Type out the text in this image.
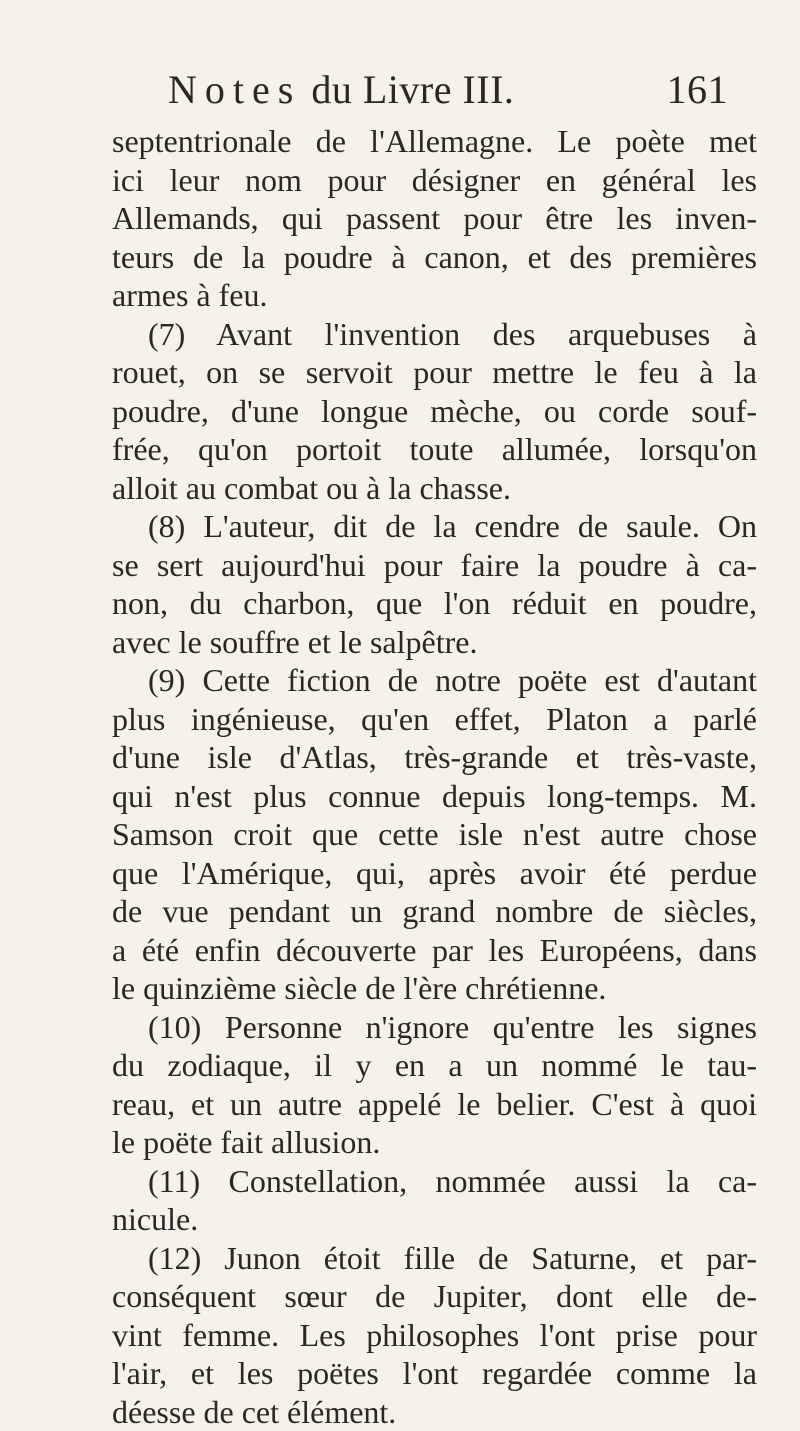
Notes du Livre III.	161
septentrionale de l'Allemagne. Le poète met
ici leur nom pour désigner en général les
Allemands, qui passent pour être les inven-
teurs de la poudre à canon, et des premières
armes à feu.
(7) Avant l'invention des arquebuses à
rouet, on se servoit pour mettre le feu à la
poudre, d'une longue mèche, ou corde souf-
frée, qu'on portoit toute allumée, lorsqu'on
alloit au combat ou à la chasse.
(8) L'auteur, dit de la cendre de saule. On
se sert aujourd'hui pour faire la poudre à ca-
non, du charbon, que l'on réduit en poudre,
avec le souffre et le salpêtre.
(9) Cette fiction de notre poëte est d'autant
plus ingénieuse, qu'en effet, Platon a parlé
d'une isle d'Atlas, très-grande et très-vaste,
qui n'est plus connue depuis long-temps. M.
Samson croit que cette isle n'est autre chose
que l'Amérique, qui, après avoir été perdue
de vue pendant un grand nombre de siècles,
a été enfin découverte par les Européens, dans
le quinzième siècle de l'ère chrétienne.
(10) Personne n'ignore qu'entre les signes
du zodiaque, il y en a un nommé le tau-
reau, et un autre appelé le belier. C'est à quoi
le poëte fait allusion.
(11) Constellation, nommée aussi la ca-
nicule.
(12) Junon étoit fille de Saturne, et par-
conséquent sœur de Jupiter, dont elle de-
vint femme. Les philosophes l'ont prise pour
l'air, et les poëtes l'ont regardée comme la
déesse de cet élément.
